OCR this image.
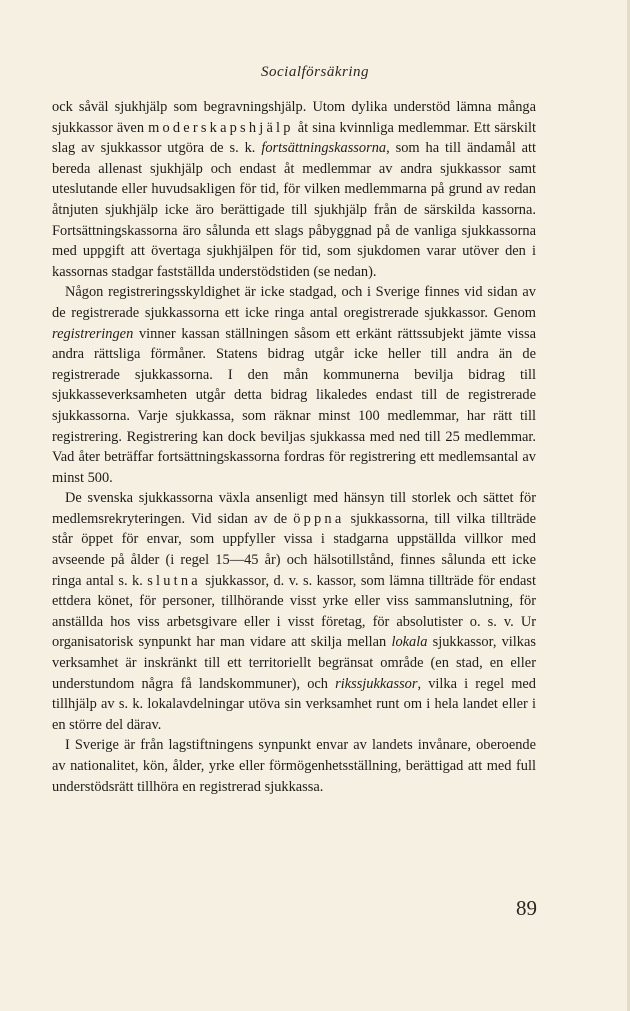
Socialförsäkring

ock såväl sjukhjälp som begravningshjälp. Utom dylika understöd lämna många sjukkassor även moderskapshjälp åt sina kvinnliga medlemmar. Ett särskilt slag av sjukkassor utgöra de s. k. fortsättningskassorna, som ha till ändamål att bereda allenast sjukhjälp och endast åt medlemmar av andra sjukkassor samt uteslutande eller huvudsakligen för tid, för vilken medlemmarna på grund av redan åtnjuten sjukhjälp icke äro berättigade till sjukhjälp från de särskilda kassorna. Fortsättningskassorna äro sålunda ett slags påbyggnad på de vanliga sjukkassorna med uppgift att övertaga sjukhjälpen för tid, som sjukdomen varar utöver den i kassornas stadgar fastställda understödstiden (se nedan).

Någon registreringsskyldighet är icke stadgad, och i Sverige finnes vid sidan av de registrerade sjukkassorna ett icke ringa antal oregistrerade sjukkassor. Genom registreringen vinner kassan ställningen såsom ett erkänt rättssubjekt jämte vissa andra rättsliga förmåner. Statens bidrag utgår icke heller till andra än de registrerade sjukkassorna. I den mån kommunerna bevilja bidrag till sjukkasseverksamheten utgår detta bidrag likaledes endast till de registrerade sjukkassorna. Varje sjukkassa, som räknar minst 100 medlemmar, har rätt till registrering. Registrering kan dock beviljas sjukkassa med ned till 25 medlemmar. Vad åter beträffar fortsättningskassorna fordras för registrering ett medlemsantal av minst 500.

De svenska sjukkassorna växla ansenligt med hänsyn till storlek och sättet för medlemsrekryteringen. Vid sidan av de öppna sjukkassorna, till vilka tillträde står öppet för envar, som uppfyller vissa i stadgarna uppställda villkor med avseende på ålder (i regel 15—45 år) och hälsotillstånd, finnes sålunda ett icke ringa antal s. k. slutna sjukkassor, d. v. s. kassor, som lämna tillträde för endast ettdera könet, för personer, tillhörande visst yrke eller viss sammanslutning, för anställda hos viss arbetsgivare eller i visst företag, för absolutister o. s. v. Ur organisatorisk synpunkt har man vidare att skilja mellan lokala sjukkassor, vilkas verksamhet är inskränkt till ett territoriellt begränsat område (en stad, en eller understundom några få landskommuner), och rikssjukkassor, vilka i regel med tillhjälp av s. k. lokalavdelningar utöva sin verksamhet runt om i hela landet eller i en större del därav.

I Sverige är från lagstiftningens synpunkt envar av landets invånare, oberoende av nationalitet, kön, ålder, yrke eller förmögenhetsställning, berättigad att med full understödsrätt tillhöra en registrerad sjukkassa.

89
